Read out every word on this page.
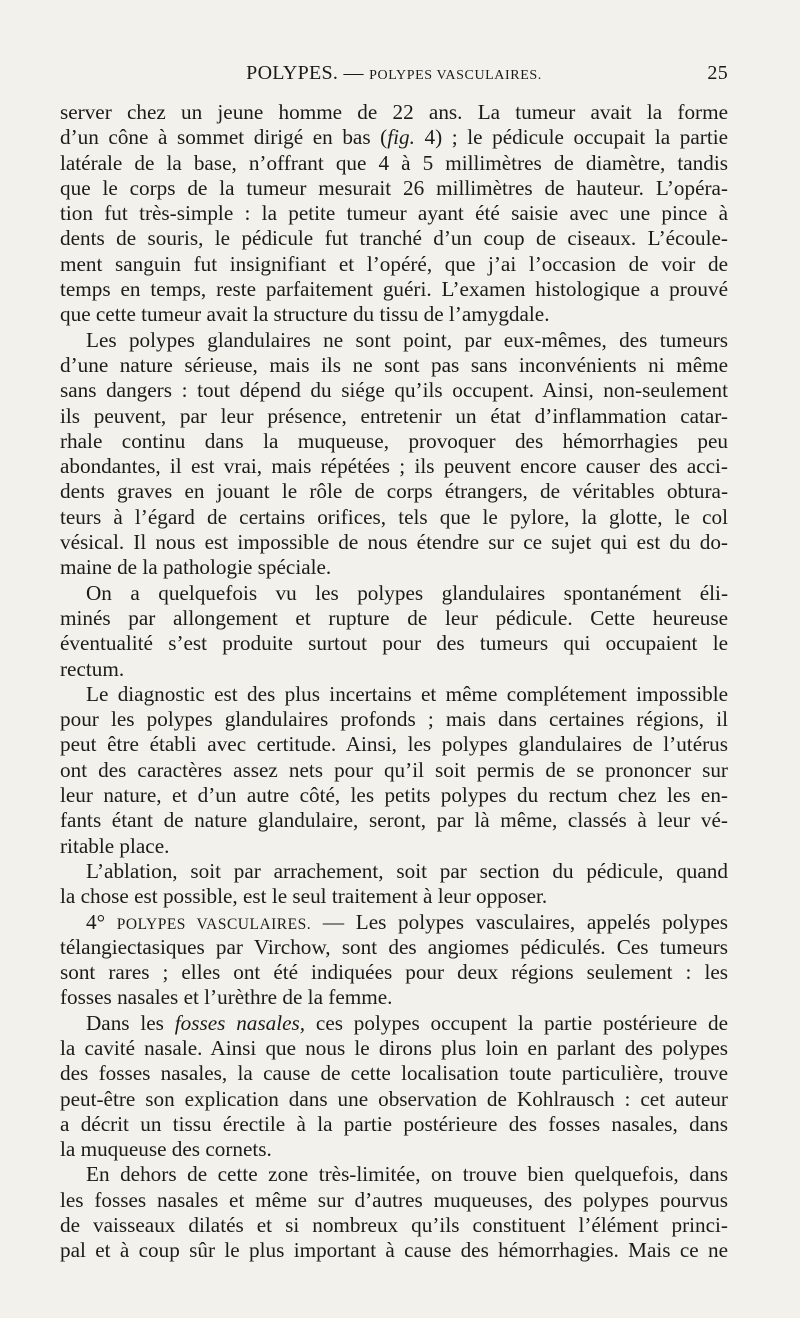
POLYPES. — POLYPES VASCULAIRES.	25
server chez un jeune homme de 22 ans. La tumeur avait la forme
d’un cône à sommet dirigé en bas (fig. 4) ; le pédicule occupait la partie
latérale de la base, n’offrant que 4 à 5 millimètres de diamètre, tandis
que le corps de la tumeur mesurait 26 millimètres de hauteur. L’opéra-
tion fut très-simple : la petite tumeur ayant été saisie avec une pince à
dents de souris, le pédicule fut tranché d’un coup de ciseaux. L’écoule-
ment sanguin fut insignifiant et l’opéré, que j’ai l’occasion de voir de
temps en temps, reste parfaitement guéri. L’examen histologique a prouvé
que cette tumeur avait la structure du tissu de l’amygdale.
Les polypes glandulaires ne sont point, par eux-mêmes, des tumeurs
d’une nature sérieuse, mais ils ne sont pas sans inconvénients ni même
sans dangers : tout dépend du siége qu’ils occupent. Ainsi, non-seulement
ils peuvent, par leur présence, entretenir un état d’inflammation catar-
rhale continu dans la muqueuse, provoquer des hémorrhagies peu
abondantes, il est vrai, mais répétées ; ils peuvent encore causer des acci-
dents graves en jouant le rôle de corps étrangers, de véritables obtura-
teurs à l’égard de certains orifices, tels que le pylore, la glotte, le col
vésical. Il nous est impossible de nous étendre sur ce sujet qui est du do-
maine de la pathologie spéciale.
On a quelquefois vu les polypes glandulaires spontanément éli-
minés par allongement et rupture de leur pédicule. Cette heureuse
éventualité s’est produite surtout pour des tumeurs qui occupaient le
rectum.
Le diagnostic est des plus incertains et même complétement impossible
pour les polypes glandulaires profonds ; mais dans certaines régions, il
peut être établi avec certitude. Ainsi, les polypes glandulaires de l’utérus
ont des caractères assez nets pour qu’il soit permis de se prononcer sur
leur nature, et d’un autre côté, les petits polypes du rectum chez les en-
fants étant de nature glandulaire, seront, par là même, classés à leur vé-
ritable place.
L’ablation, soit par arrachement, soit par section du pédicule, quand
la chose est possible, est le seul traitement à leur opposer.
4° POLYPES VASCULAIRES. — Les polypes vasculaires, appelés polypes
télangiectasiques par Virchow, sont des angiomes pédiculés. Ces tumeurs
sont rares ; elles ont été indiquées pour deux régions seulement : les
fosses nasales et l’urèthre de la femme.
Dans les fosses nasales, ces polypes occupent la partie postérieure de
la cavité nasale. Ainsi que nous le dirons plus loin en parlant des polypes
des fosses nasales, la cause de cette localisation toute particulière, trouve
peut-être son explication dans une observation de Kohlrausch : cet auteur
a décrit un tissu érectile à la partie postérieure des fosses nasales, dans
la muqueuse des cornets.
En dehors de cette zone très-limitée, on trouve bien quelquefois, dans
les fosses nasales et même sur d’autres muqueuses, des polypes pourvus
de vaisseaux dilatés et si nombreux qu’ils constituent l’élément princi-
pal et à coup sûr le plus important à cause des hémorrhagies. Mais ce ne
